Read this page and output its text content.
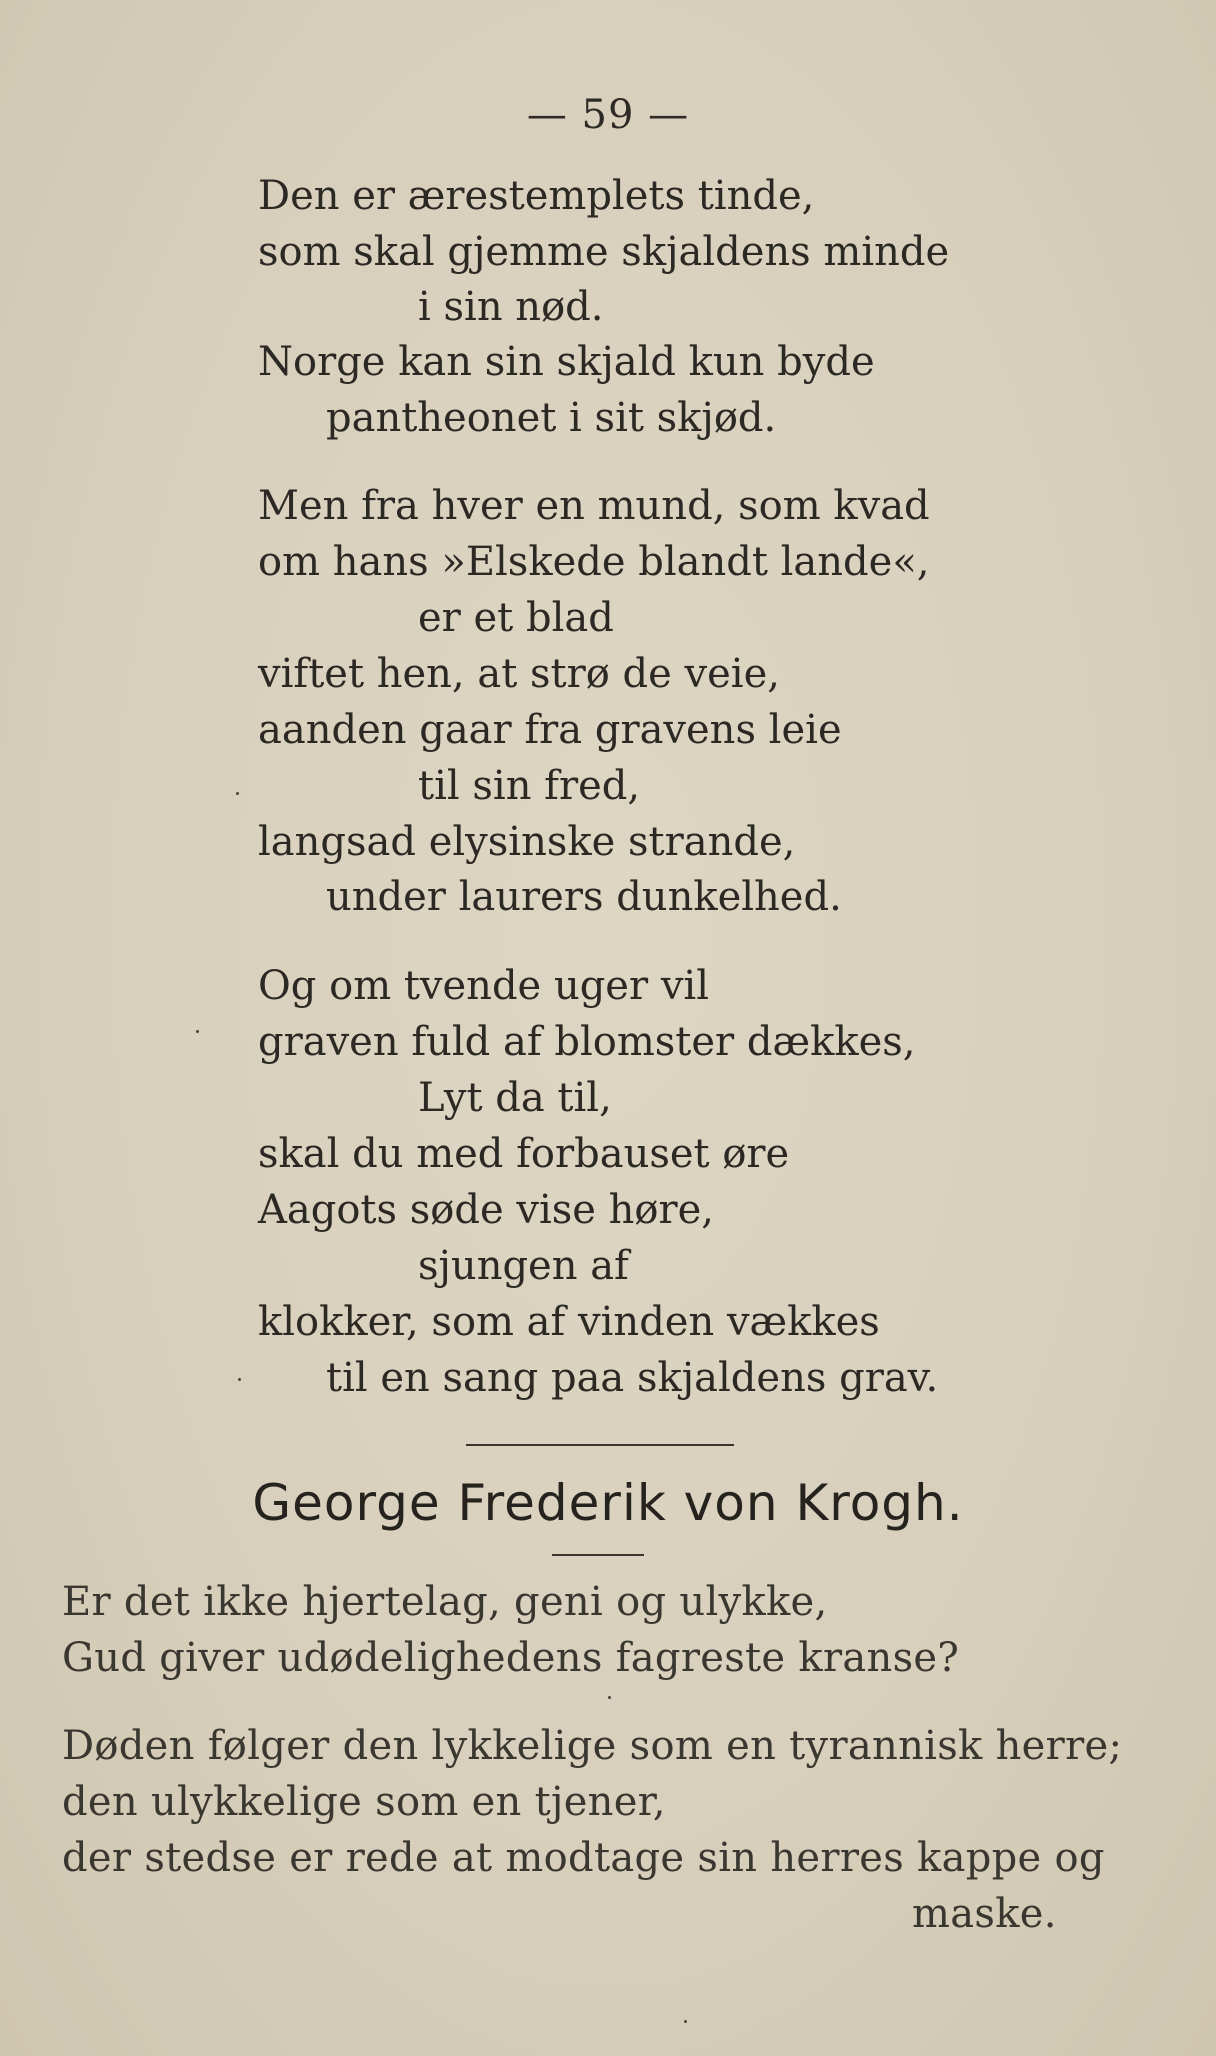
— 59 —
Den er ærestemplets tinde,
som skal gjemme skjaldens minde
i sin nød.
Norge kan sin skjald kun byde
pantheonet i sit skjød.
Men fra hver en mund, som kvad
om hans »Elskede blandt lande«,
er et blad
viftet hen, at strø de veie,
aanden gaar fra gravens leie
til sin fred,
langsad elysinske strande,
under laurers dunkelhed.
Og om tvende uger vil
graven fuld af blomster dækkes,
Lyt da til,
skal du med forbauset øre
Aagots søde vise høre,
sjungen af
klokker, som af vinden vækkes
til en sang paa skjaldens grav.
George Frederik von Krogh.
Er det ikke hjertelag, geni og ulykke,
Gud giver udødelighedens fagreste kranse?
Døden følger den lykkelige som en tyrannisk herre;
den ulykkelige som en tjener,
der stedse er rede at modtage sin herres kappe og
maske.
